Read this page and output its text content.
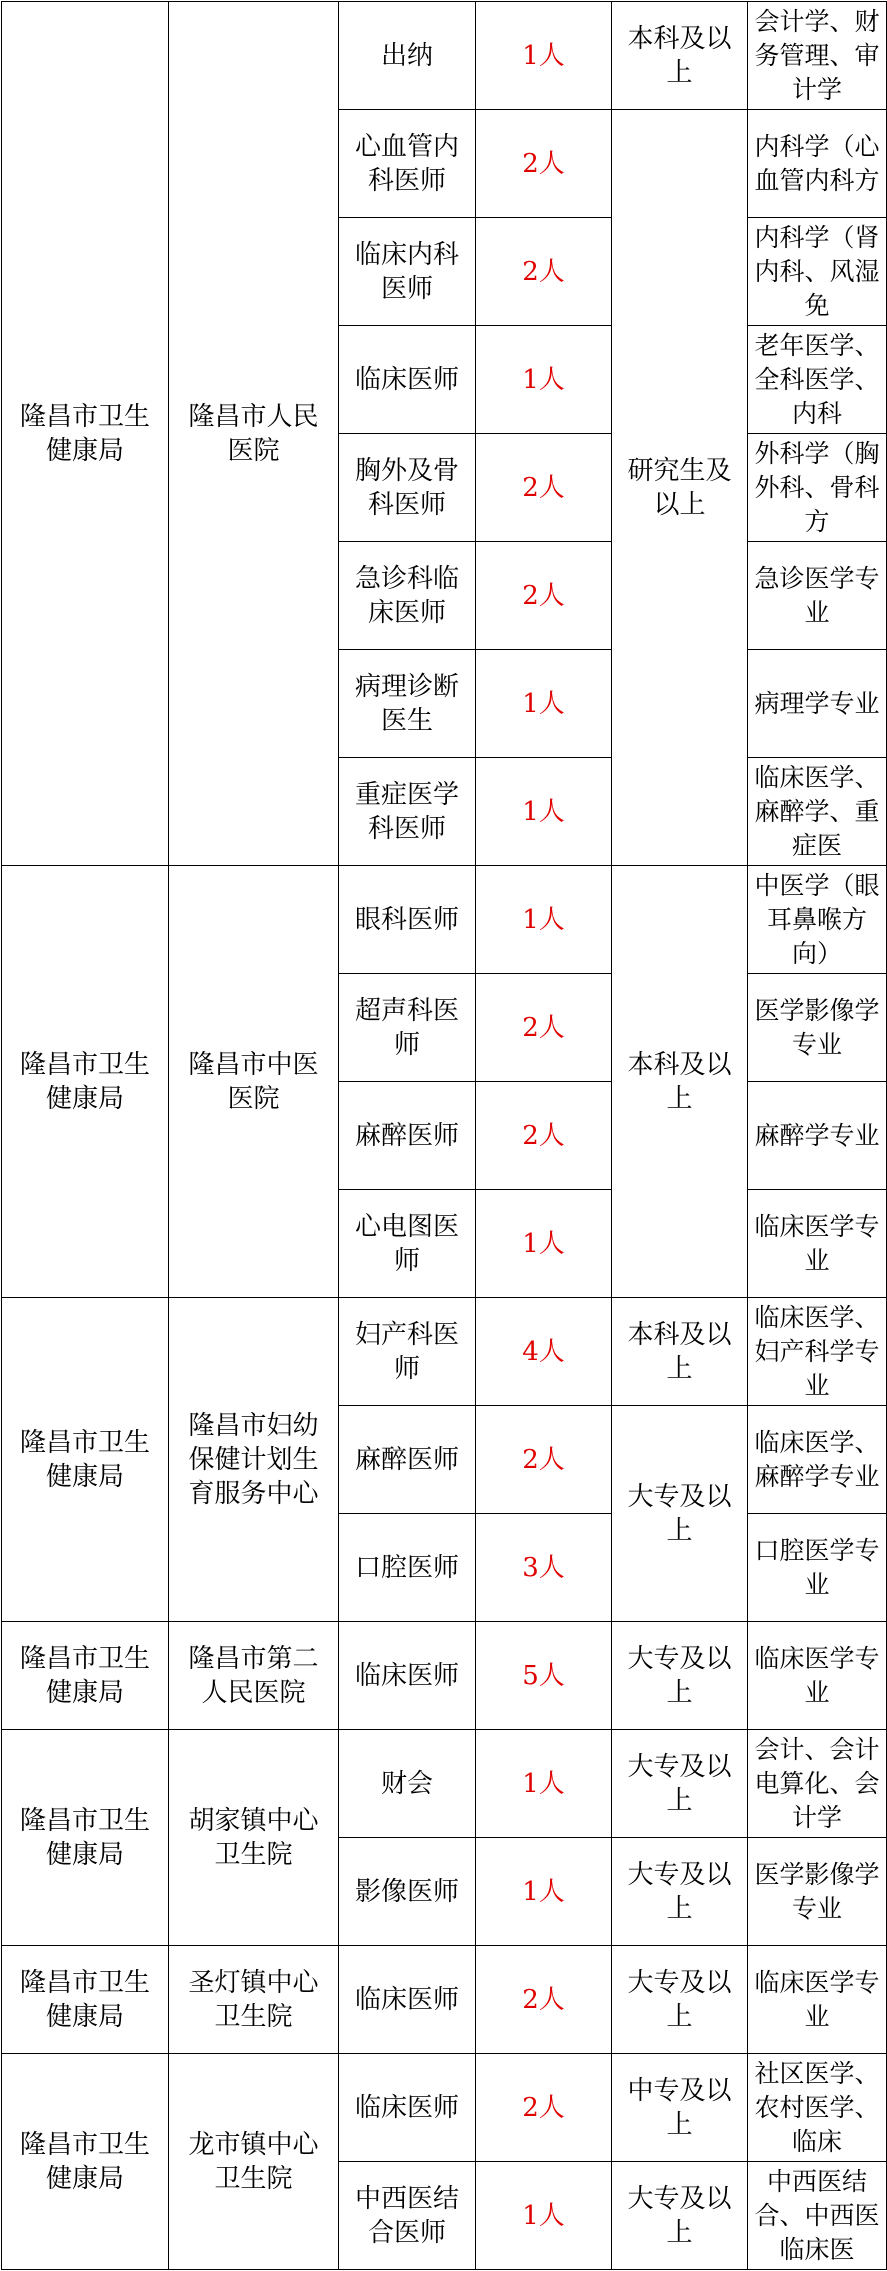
隆昌市卫生健康局	隆昌市人民医院	出纳	1人	本科及以上	会计学、财务管理、审计学

		心血管内科医师	2人	研究生及以上	内科学（心血管内科方

		临床内科医师	2人		内科学（肾内科、风湿免

		临床医师	1人		老年医学、全科医学、内科

		胸外及骨科医师	2人		外科学（胸外科、骨科方

		急诊科临床医师	2人		急诊医学专业

		病理诊断医生	1人		病理学专业

		重症医学科医师	1人		临床医学、麻醉学、重症医

隆昌市卫生健康局	隆昌市中医医院	眼科医师	1人	本科及以上	中医学（眼耳鼻喉方向）

		超声科医师	2人		医学影像学专业

		麻醉医师	2人		麻醉学专业

		心电图医师	1人		临床医学专业

隆昌市卫生健康局	隆昌市妇幼保健计划生育服务中心	妇产科医师	4人	本科及以上	临床医学、妇产科学专业

		麻醉医师	2人	大专及以上	临床医学、麻醉学专业

		口腔医师	3人		口腔医学专业

隆昌市卫生健康局	隆昌市第二人民医院	临床医师	5人	大专及以上	临床医学专业

隆昌市卫生健康局	胡家镇中心卫生院	财会	1人	大专及以上	会计、会计电算化、会计学

		影像医师	1人	大专及以上	医学影像学专业

隆昌市卫生健康局	圣灯镇中心卫生院	临床医师	2人	大专及以上	临床医学专业

隆昌市卫生健康局	龙市镇中心卫生院	临床医师	2人	中专及以上	社区医学、农村医学、临床

		中西医结合医师	1人	大专及以上	中西医结合、中西医临床医
